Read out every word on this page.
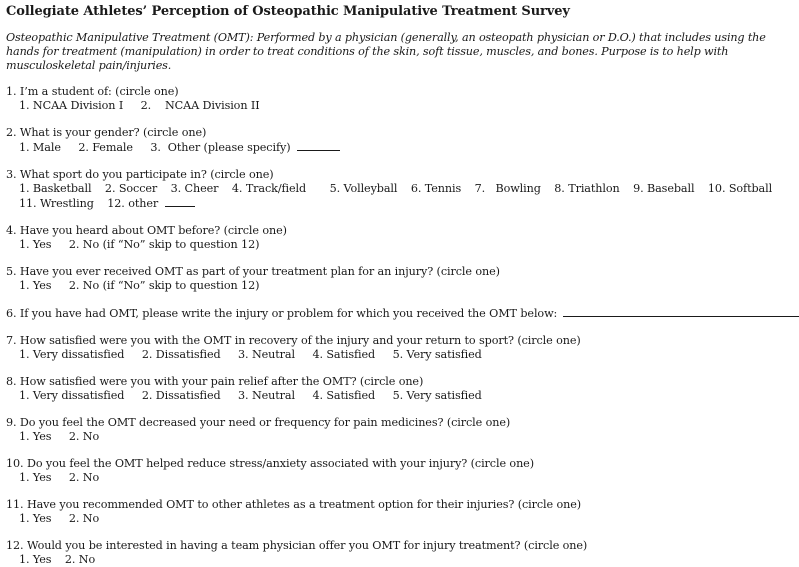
Collegiate Athletes’ Perception of Osteopathic Manipulative Treatment Survey
Osteopathic Manipulative Treatment (OMT): Performed by a physician (generally, an osteopath physician or D.O.) that includes using the hands for treatment (manipulation) in order to treat conditions of the skin, soft tissue, muscles, and bones. Purpose is to help with musculoskeletal pain/injuries.
1. I’m a student of: (circle one)
1. NCAA Division I 2.    NCAA Division II
2. What is your gender? (circle one)
1. Male 2. Female 3.  Other (please specify)
3. What sport do you participate in? (circle one)
1. Basketball 2. Soccer 3. Cheer 4. Track/field 5. Volleyball 6. Tennis 7.   Bowling 8. Triathlon 9. Baseball 10. Softball
11. Wrestling 12. other
4. Have you heard about OMT before? (circle one)
1. Yes 2. No (if “No” skip to question 12)
5. Have you ever received OMT as part of your treatment plan for an injury? (circle one)
1. Yes 2. No (if “No” skip to question 12)
6. If you have had OMT, please write the injury or problem for which you received the OMT below:
7. How satisfied were you with the OMT in recovery of the injury and your return to sport? (circle one)
1. Very dissatisfied 2. Dissatisfied 3. Neutral 4. Satisfied 5. Very satisfied
8. How satisfied were you with your pain relief after the OMT? (circle one)
1. Very dissatisfied 2. Dissatisfied 3. Neutral 4. Satisfied 5. Very satisfied
9. Do you feel the OMT decreased your need or frequency for pain medicines? (circle one)
1. Yes 2. No
10. Do you feel the OMT helped reduce stress/anxiety associated with your injury? (circle one)
1. Yes 2. No
11. Have you recommended OMT to other athletes as a treatment option for their injuries? (circle one)
1. Yes 2. No
12. Would you be interested in having a team physician offer you OMT for injury treatment? (circle one)
1. Yes 2. No
